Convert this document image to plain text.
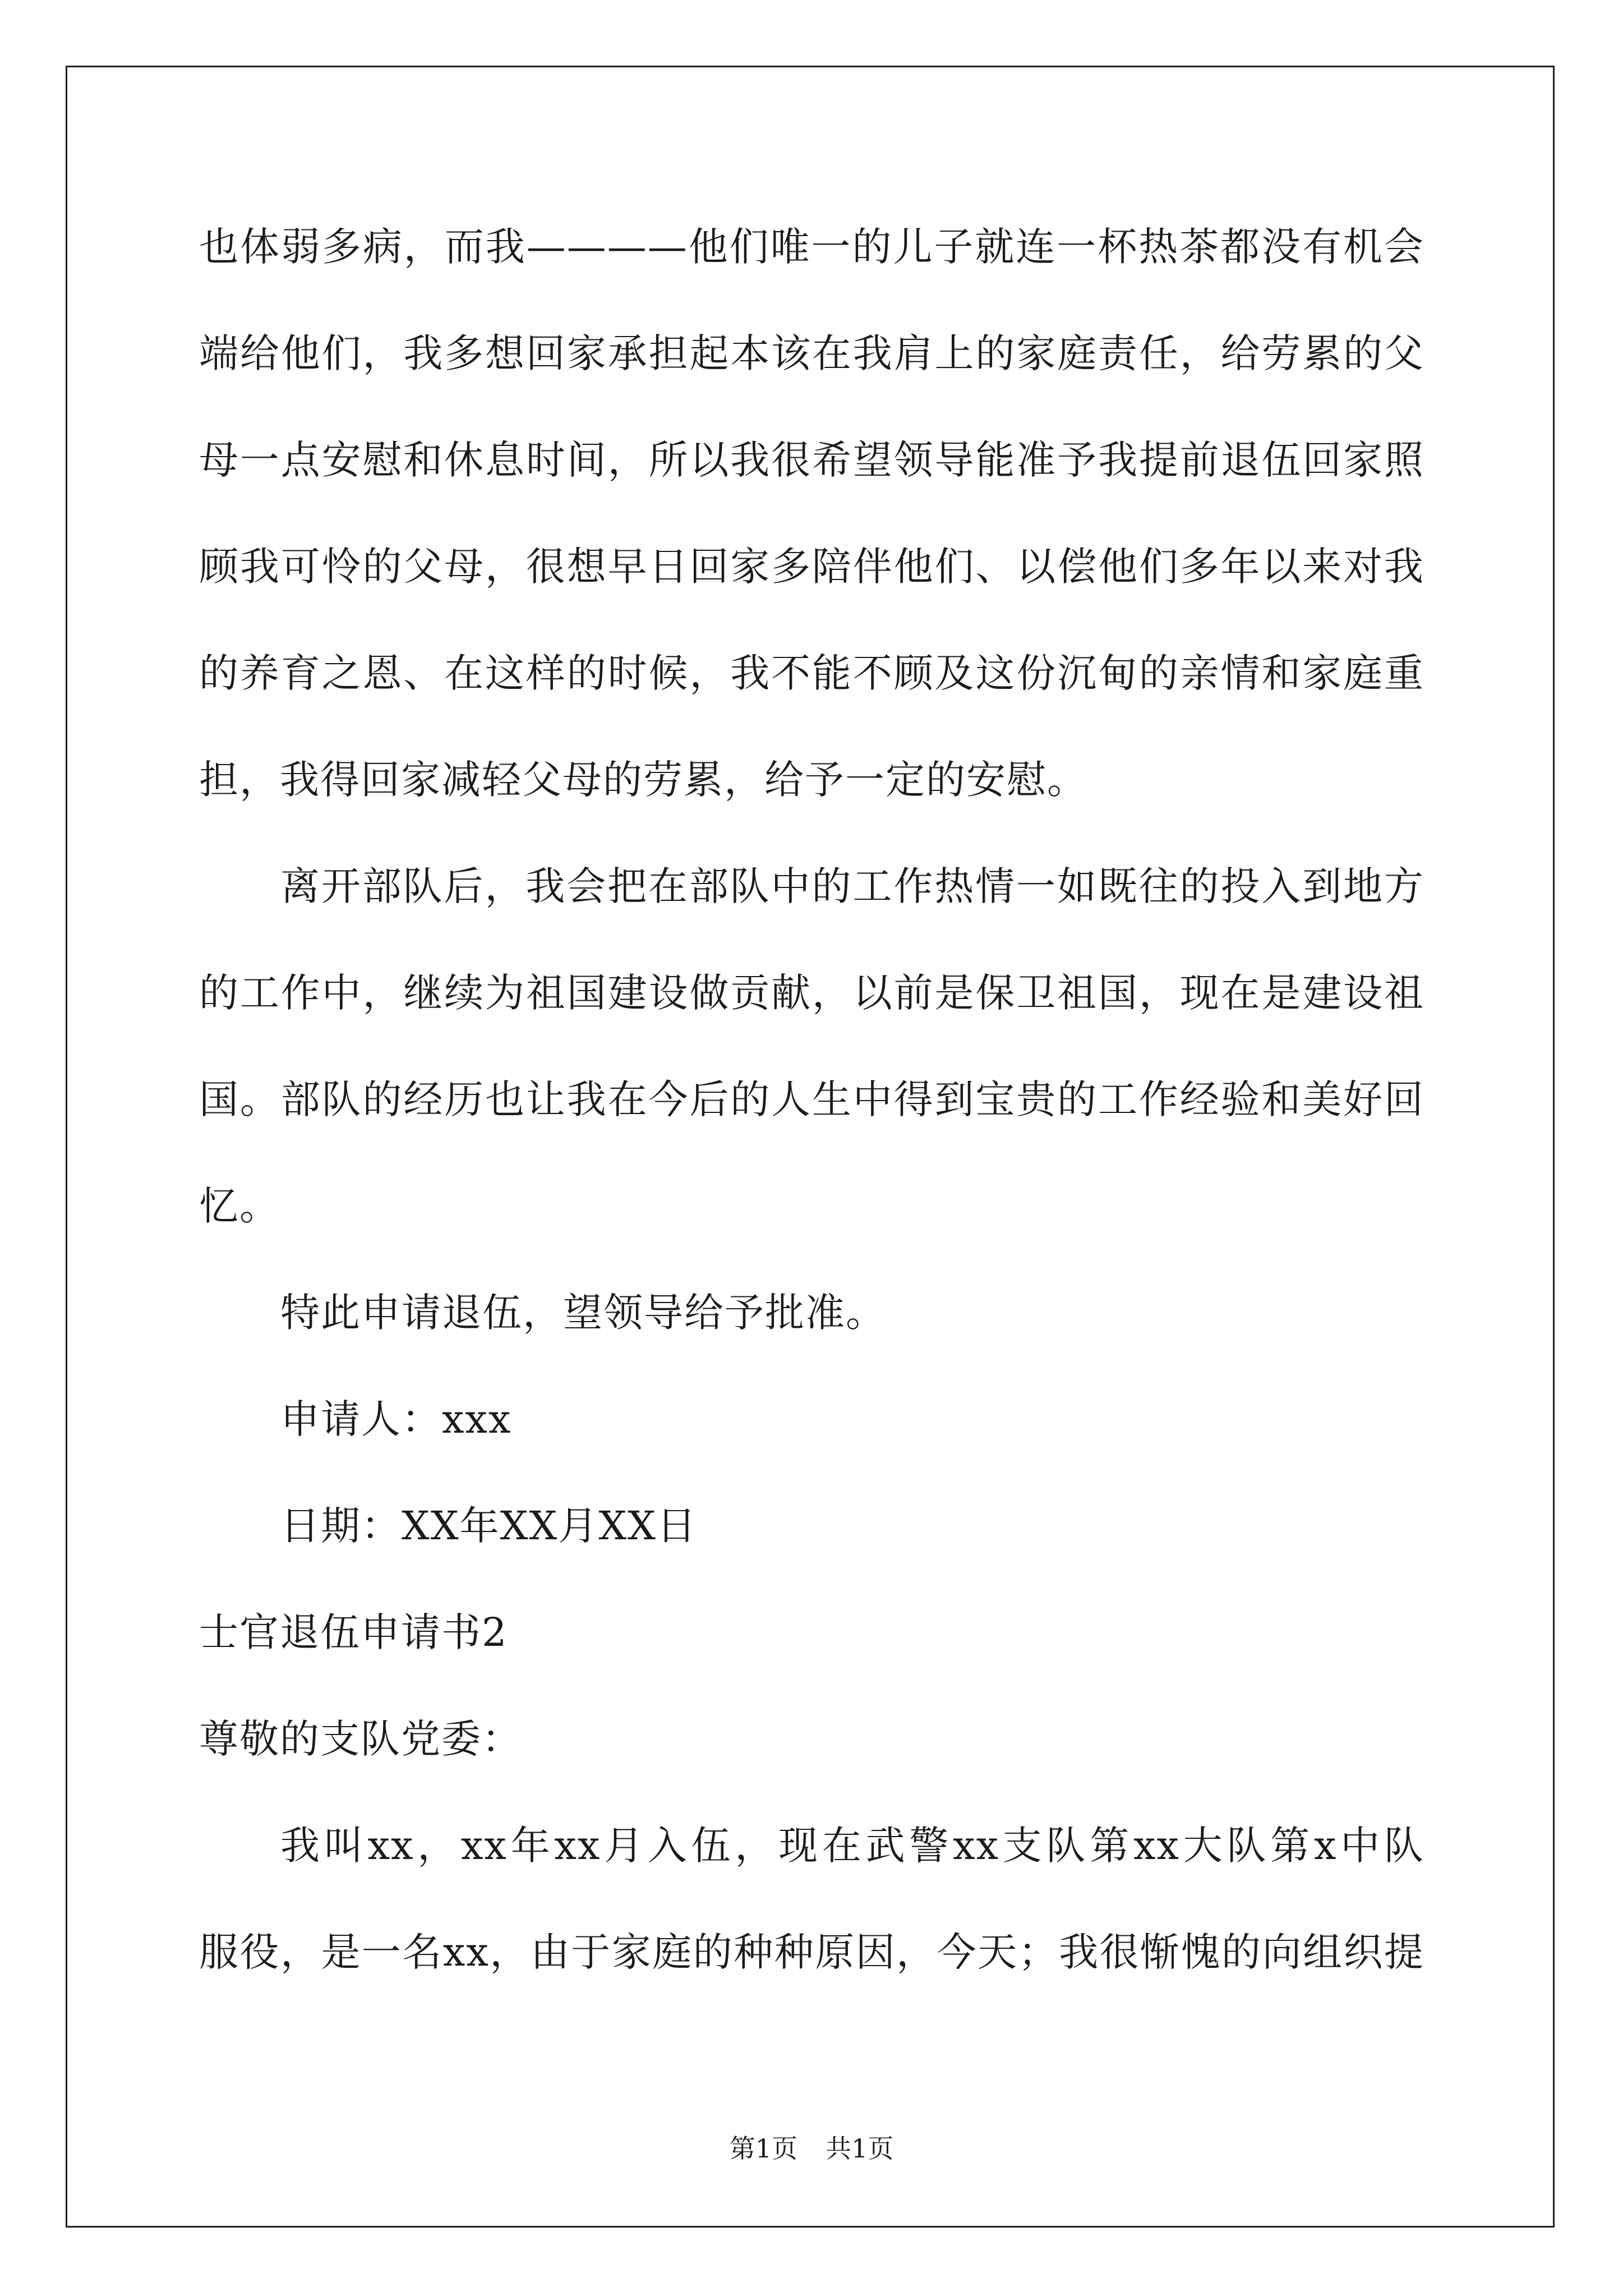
也体弱多病，而我————他们唯一的儿子就连一杯热茶都没有机会
端给他们，我多想回家承担起本该在我肩上的家庭责任，给劳累的父
母一点安慰和休息时间，所以我很希望领导能准予我提前退伍回家照
顾我可怜的父母，很想早日回家多陪伴他们、以偿他们多年以来对我
的养育之恩、在这样的时候，我不能不顾及这份沉甸的亲情和家庭重
担，我得回家减轻父母的劳累，给予一定的安慰。
离开部队后，我会把在部队中的工作热情一如既往的投入到地方
的工作中，继续为祖国建设做贡献，以前是保卫祖国，现在是建设祖
国。部队的经历也让我在今后的人生中得到宝贵的工作经验和美好回
忆。
特此申请退伍，望领导给予批准。
申请人：xxx
日期：XX年XX月XX日
士官退伍申请书2
尊敬的支队党委：
我叫xx，xx年xx月入伍，现在武警xx支队第xx大队第x中队
服役，是一名xx，由于家庭的种种原因，今天；我很惭愧的向组织提
第1页 共1页
